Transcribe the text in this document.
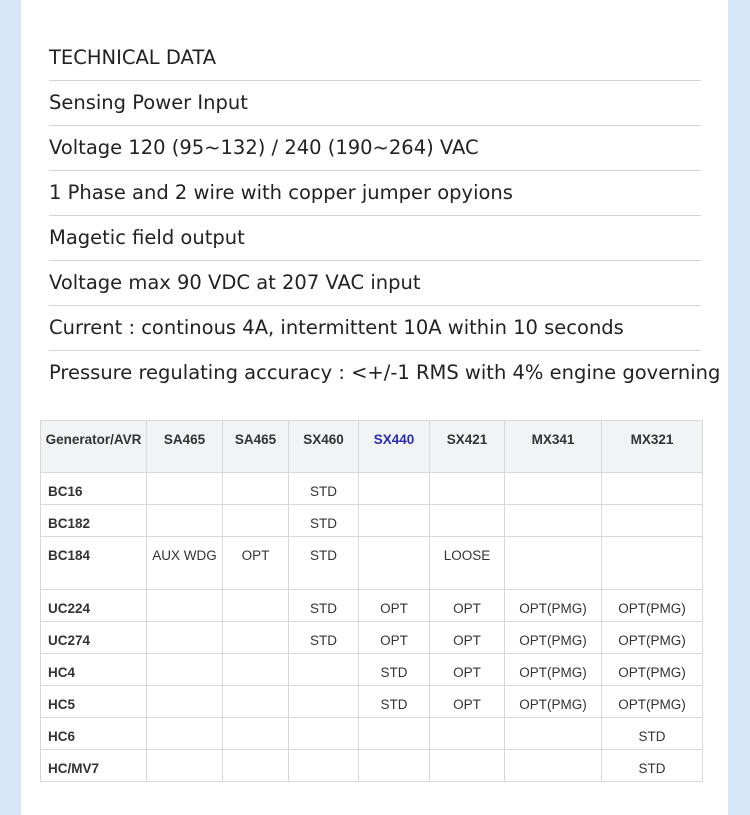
TECHNICAL DATA
Sensing Power Input
Voltage 120 (95~132) / 240 (190~264) VAC
1 Phase and 2 wire with copper jumper opyions
Magetic field output
Voltage max 90 VDC at 207 VAC input
Current : continous 4A, intermittent 10A within 10 seconds
Pressure regulating accuracy : <+/-1 RMS with 4% engine governing
Generator/AVR	SA465	SA465	SX460	SX440	SX421	MX341	MX321
BC16			STD				
BC182			STD				
BC184	AUX WDG	OPT	STD		LOOSE		
UC224			STD	OPT	OPT	OPT(PMG)	OPT(PMG)
UC274			STD	OPT	OPT	OPT(PMG)	OPT(PMG)
HC4				STD	OPT	OPT(PMG)	OPT(PMG)
HC5				STD	OPT	OPT(PMG)	OPT(PMG)
HC6							STD
HC/MV7							STD
